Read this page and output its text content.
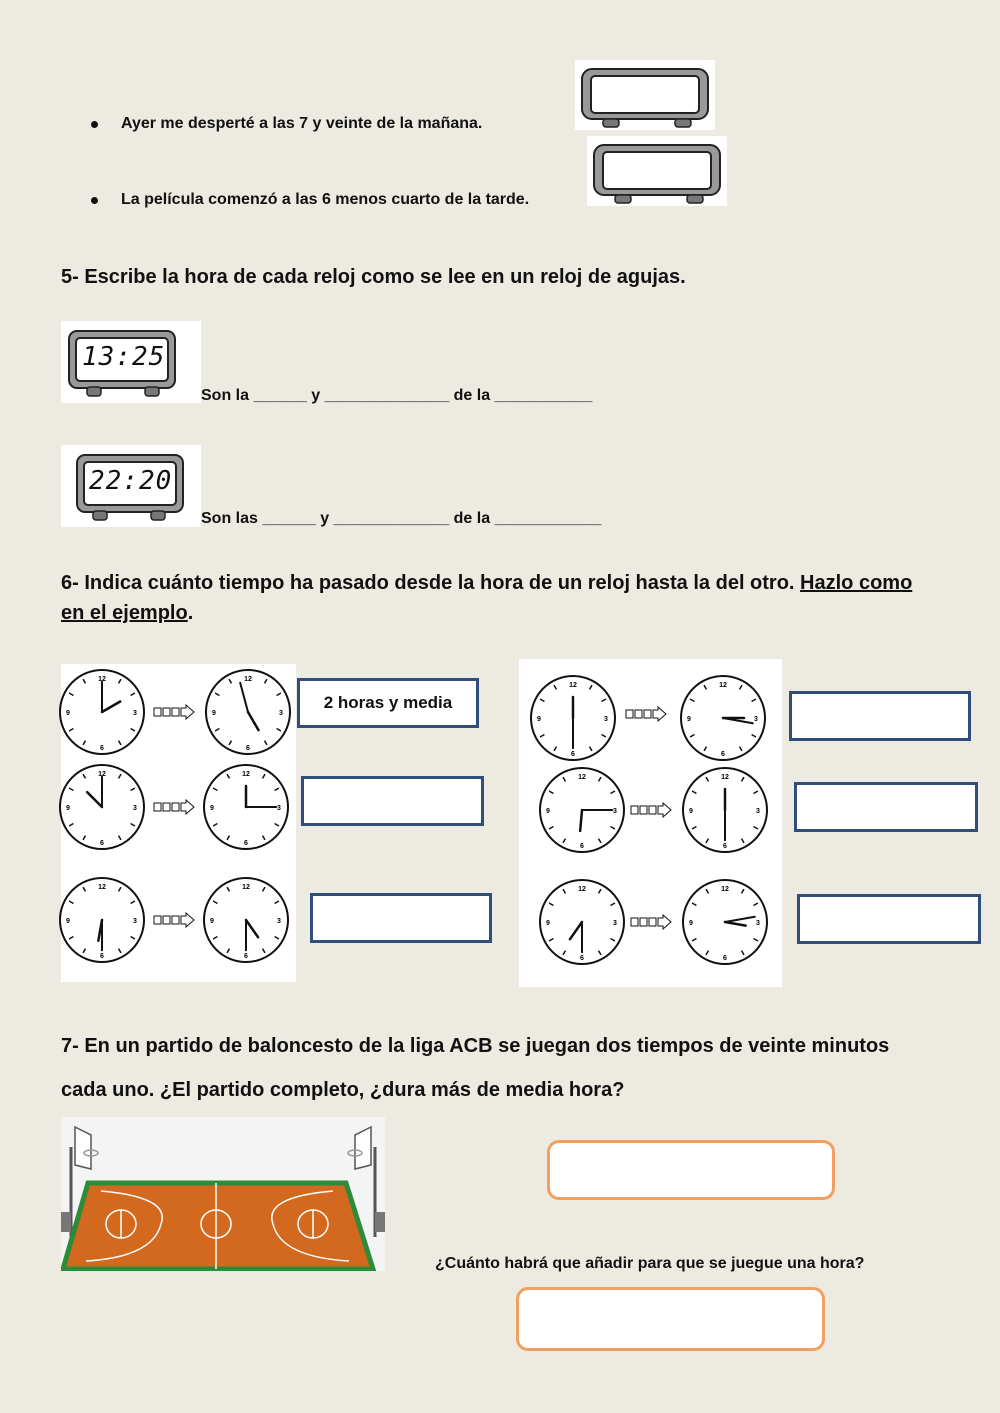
Ayer me desperté a las 7 y veinte de la mañana.
La película comenzó a las 6 menos cuarto de la tarde.
5- Escribe la hora de cada reloj como se lee en un reloj de agujas.
13:25
Son la ______ y ______________ de la ___________
22:20
Son las ______ y _____________ de la ____________
6- Indica cuánto tiempo ha pasado desde la hora de un reloj hasta la del otro. Hazlo como en el ejemplo.
2 horas y media
12
3
6
9
12
3
6
9
12
3
6
9
12
3
6
9
12
3
6
9
12
3
6
9
12
3
6
9
12
3
6
9
12
3
6
9
12
3
6
9
12
3
6
9
12
3
6
9
7- En un partido de baloncesto de la liga ACB se juegan dos tiempos de veinte minutos
cada uno. ¿El partido completo, ¿dura más de media hora?
¿Cuánto habrá que añadir para que se juegue una hora?
